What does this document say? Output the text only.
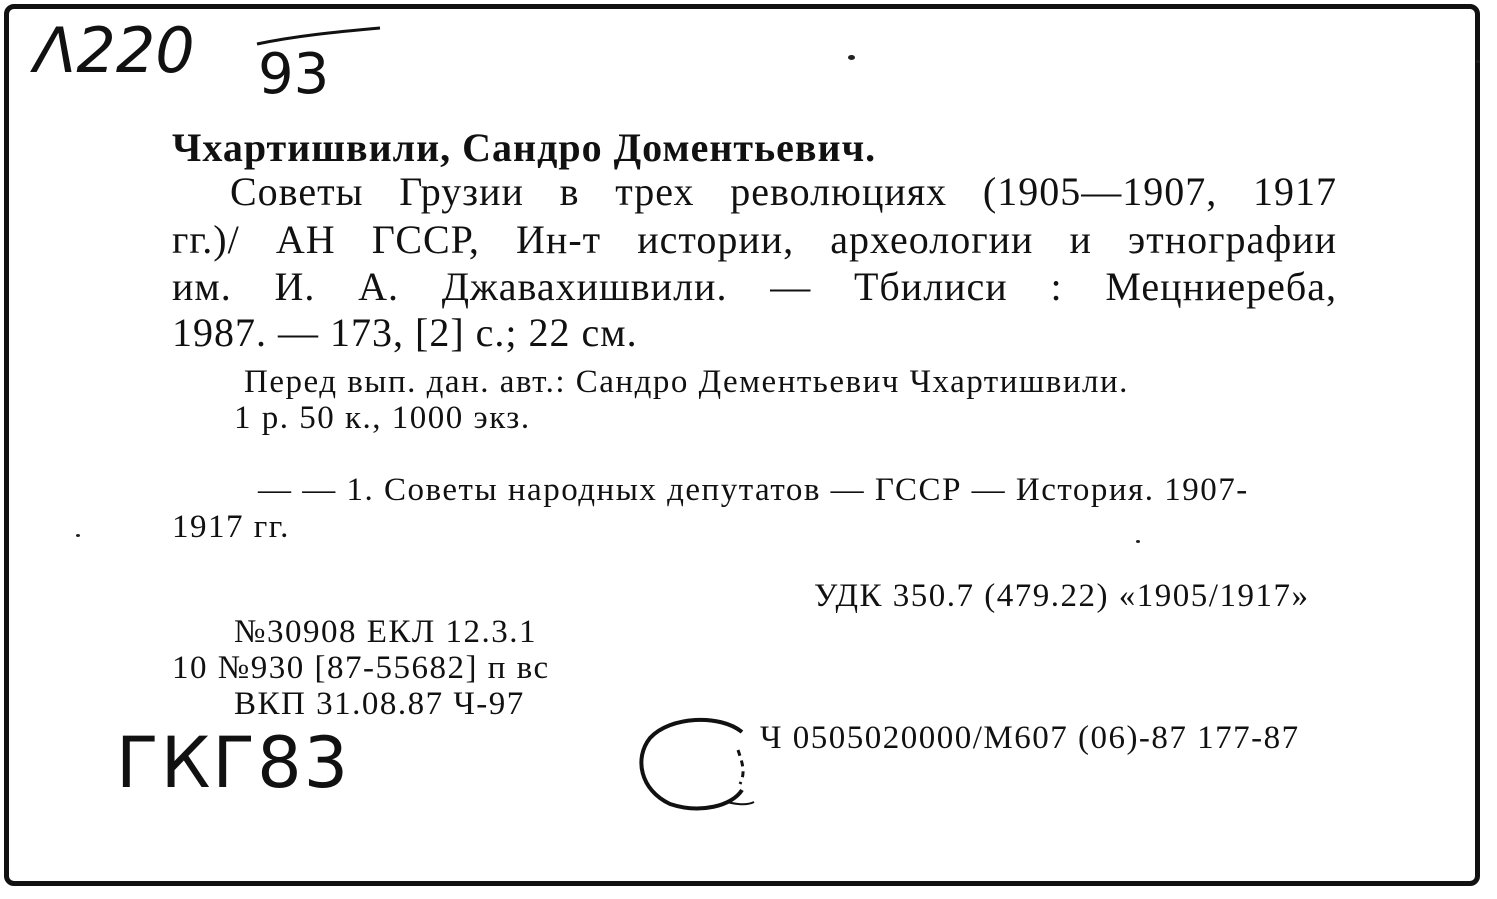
Λ220 93
Чхартишвили, Сандро Доментьевич.
Советы Грузии в трех революциях (1905—1907, 1917
гг.)/ АН ГССР, Ин-т истории, археологии и этнографии
им. И. А. Джавахишвили. — Тбилиси : Мецниереба,
1987. — 173, [2] с.; 22 см.
Перед вып. дан. авт.: Сандро Дементьевич Чхартишвили.
1 р. 50 к., 1000 экз.
— — 1. Советы народных депутатов — ГССР — История. 1907-
1917 гг.
УДК 350.7 (479.22) «1905/1917»
№30908 ЕКЛ 12.3.1
10 №930 [87-55682] п вс
ВКП 31.08.87 Ч-97
Ч 0505020000/М607 (06)-87 177-87
ГКГ83
